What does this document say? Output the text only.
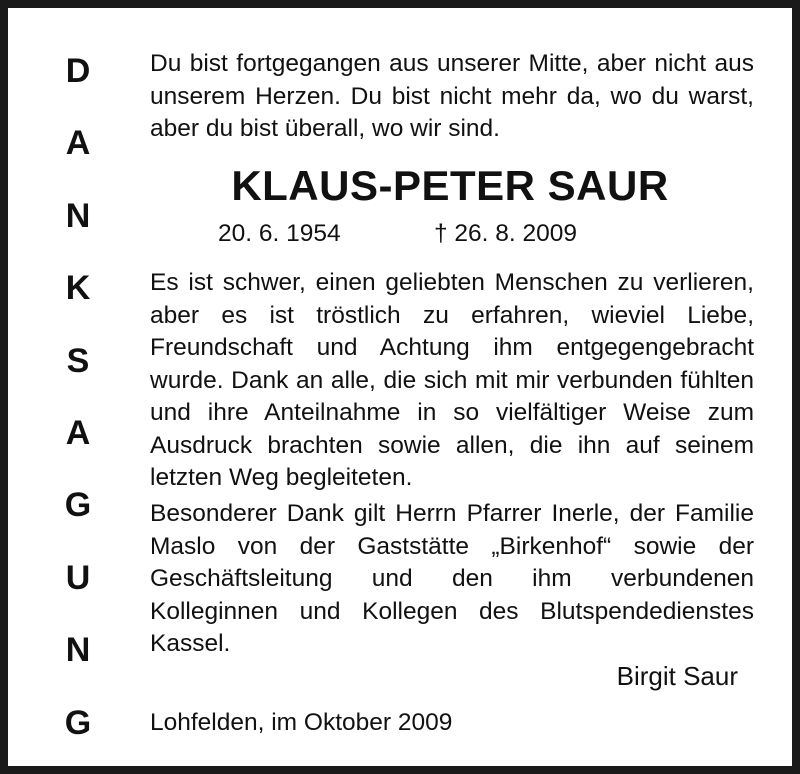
D
A
N
K
S
A
G
U
N
G

Du bist fortgegangen aus unserer Mitte, aber nicht aus unserem Herzen. Du bist nicht mehr da, wo du warst, aber du bist überall, wo wir sind.

KLAUS-PETER SAUR
20. 6. 1954	† 26. 8. 2009

Es ist schwer, einen geliebten Menschen zu verlieren, aber es ist tröstlich zu erfahren, wieviel Liebe, Freundschaft und Achtung ihm entgegengebracht wurde. Dank an alle, die sich mit mir verbunden fühlten und ihre Anteilnahme in so vielfältiger Weise zum Ausdruck brachten sowie allen, die ihn auf seinem letzten Weg begleiteten.

Besonderer Dank gilt Herrn Pfarrer Inerle, der Familie Maslo von der Gaststätte „Birkenhof“ sowie der Geschäftsleitung und den ihm verbundenen Kolleginnen und Kollegen des Blutspendedienstes Kassel.

Birgit Saur
Lohfelden, im Oktober 2009
